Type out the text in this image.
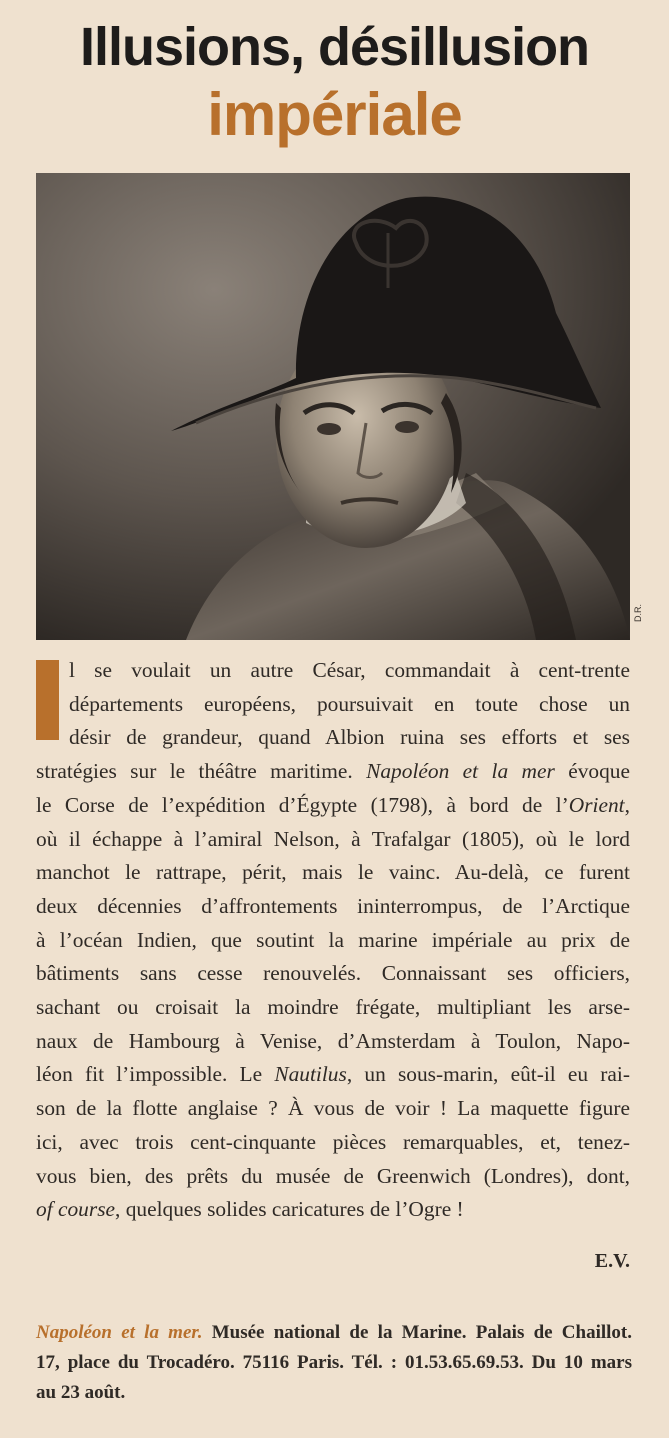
Illusions, désillusion
impériale
D.R.
l se voulait un autre César, commandait à cent-trente
départements européens, poursuivait en toute chose un
désir de grandeur, quand Albion ruina ses efforts et ses
stratégies sur le théâtre maritime. Napoléon et la mer évoque
le Corse de l’expédition d’Égypte (1798), à bord de l’Orient,
où il échappe à l’amiral Nelson, à Trafalgar (1805), où le lord
manchot le rattrape, périt, mais le vainc. Au-delà, ce furent
deux décennies d’affrontements ininterrompus, de l’Arctique
à l’océan Indien, que soutint la marine impériale au prix de
bâtiments sans cesse renouvelés. Connaissant ses officiers,
sachant ou croisait la moindre frégate, multipliant les arse-
naux de Hambourg à Venise, d’Amsterdam à Toulon, Napo-
léon fit l’impossible. Le Nautilus, un sous-marin, eût-il eu rai-
son de la flotte anglaise ? À vous de voir ! La maquette figure
ici, avec trois cent-cinquante pièces remarquables, et, tenez-
vous bien, des prêts du musée de Greenwich (Londres), dont,
of course, quelques solides caricatures de l’Ogre !
E.V.
Napoléon et la mer. Musée national de la Marine. Palais de Chaillot.
17, place du Trocadéro. 75116 Paris. Tél. : 01.53.65.69.53. Du 10 mars
au 23 août.
